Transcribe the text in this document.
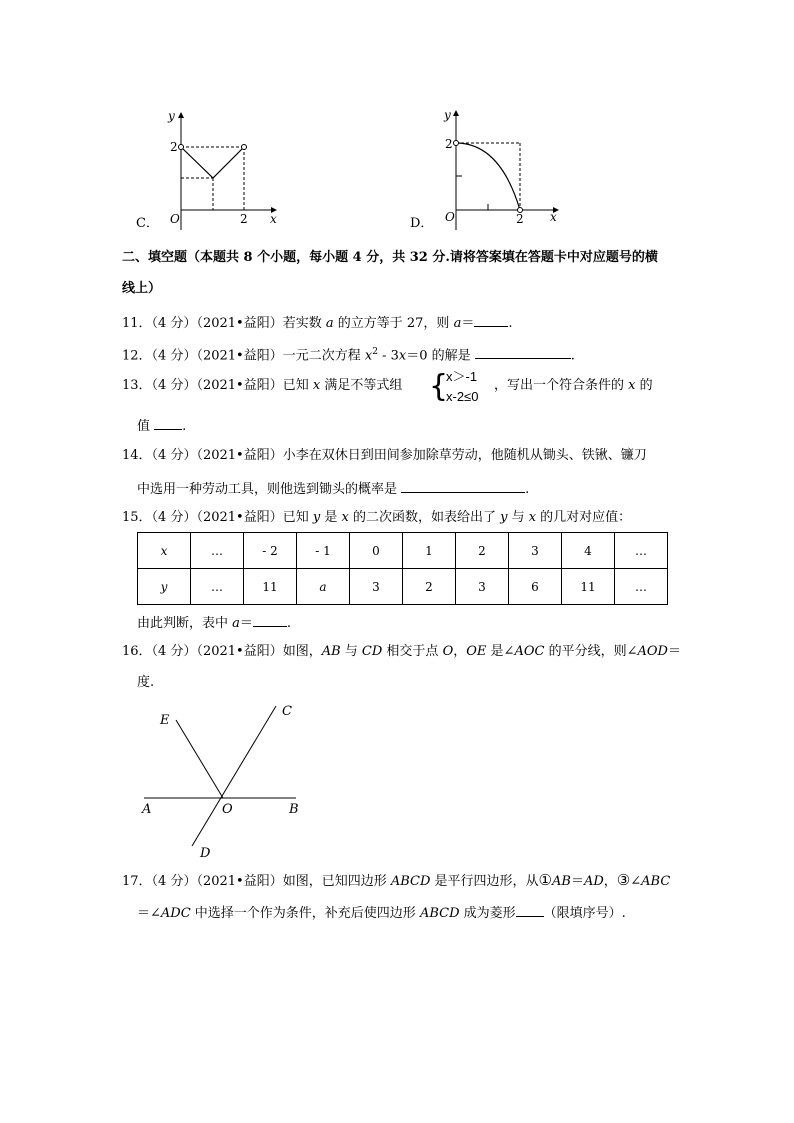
C．
y
x
O	2
2
D．
y
x
O	2
2
二、填空题（本题共 8 个小题，每小题 4 分，共 32 分.请将答案填在答题卡中对应题号的横
线上）
11．（4 分）（2021•益阳）若实数 a 的立方等于 27，则 a＝	.
12．（4 分）（2021•益阳）一元二次方程 $x^2 - 3x=0$ 的解是	.
13．（4 分）（2021•益阳）已知 x 满足不等式组 {
x＞-1
x-2≤0
，写出一个符合条件的 x 的
值 .
14．（4 分）（2021•益阳）小李在双休日到田间参加除草劳动，他随机从锄头、铁锹、镰刀
中选用一种劳动工具，则他选到锄头的概率是	.
15．（4 分）（2021•益阳）已知 y 是 x 的二次函数，如表给出了 y 与 x 的几对对应值：
x	…	- 2	- 1	0	1	2	3	4	…
y	…	11	a	3	2	3	6	11	…
由此判断，表中 a＝	.
16．（4 分）（2021•益阳）如图，AB 与 CD 相交于点 O，OE 是∠AOC 的平分线，则∠AOD＝
度.
E
C
A	O	B
D
17．（4 分）（2021•益阳）如图，已知四边形 ABCD 是平行四边形，从①AB＝AD，③∠ABC
＝∠ADC 中选择一个作为条件，补充后使四边形 ABCD 成为菱形 （限填序号）.
